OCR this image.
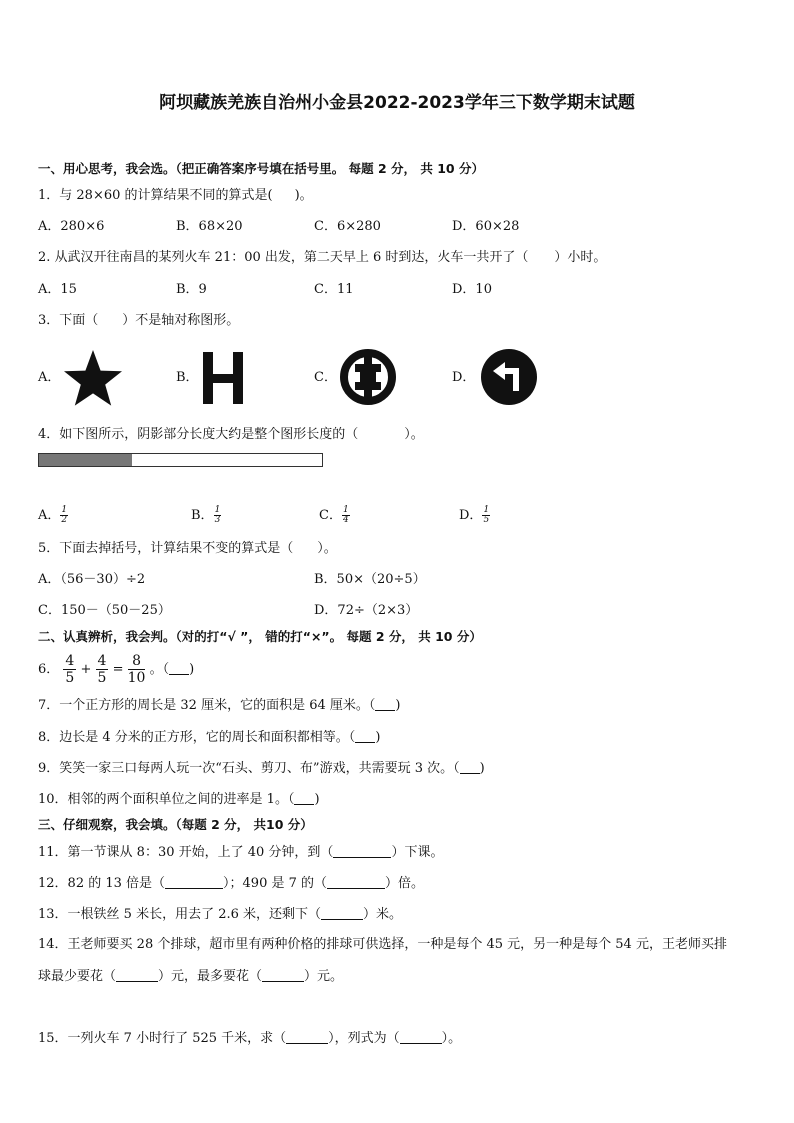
阿坝藏族羌族自治州小金县2022-2023学年三下数学期末试题
一、用心思考，我会选。（把正确答案序号填在括号里。 每题 2 分， 共 10 分）
1．与 28×60 的计算结果不同的算式是( )。
A．280×6	B．68×20	C．6×280	D．60×28
2. 从武汉开往南昌的某列火车 21：00 出发，第二天早上 6 时到达，火车一共开了（ ）小时。
A．15	B．9	C．11	D．10
3．下面（ ）不是轴对称图形。
A．	B．	C．	D．
4．如下图所示，阴影部分长度大约是整个图形长度的（	）。
A． $\frac{1}{2}$	B． $\frac{1}{3}$	C． $\frac{1}{4}$	D． $\frac{1}{5}$
5．下面去掉括号，计算结果不变的算式是（ ）。
A．（56－30）÷2	B．50×（20÷5）
C．150－（50－25）	D．72÷（2×3）
二、认真辨析，我会判。（对的打“√ ”， 错的打“×”。 每题 2 分， 共 10 分）
6． $\frac{4}{5} + \frac{4}{5} = \frac{8}{10}$ 。（ )
7．一个正方形的周长是 32 厘米，它的面积是 64 厘米。（ )
8．边长是 4 分米的正方形，它的周长和面积都相等。（ )
9．笑笑一家三口每两人玩一次“石头、剪刀、布”游戏，共需要玩 3 次。（ )
10．相邻的两个面积单位之间的进率是 1。（ )
三、仔细观察，我会填。（每题 2 分， 共10 分）
11．第一节课从 8：30 开始，上了 40 分钟，到（	）下课。
12．82 的 13 倍是（	）；490 是 7 的（	）倍。
13．一根铁丝 5 米长，用去了 2.6 米，还剩下（	）米。
14．王老师要买 28 个排球，超市里有两种价格的排球可供选择，一种是每个 45 元，另一种是每个 54 元，王老师买排
球最少要花（	）元，最多要花（	）元。
15．一列火车 7 小时行了 525 千米，求（	），列式为（	）。
